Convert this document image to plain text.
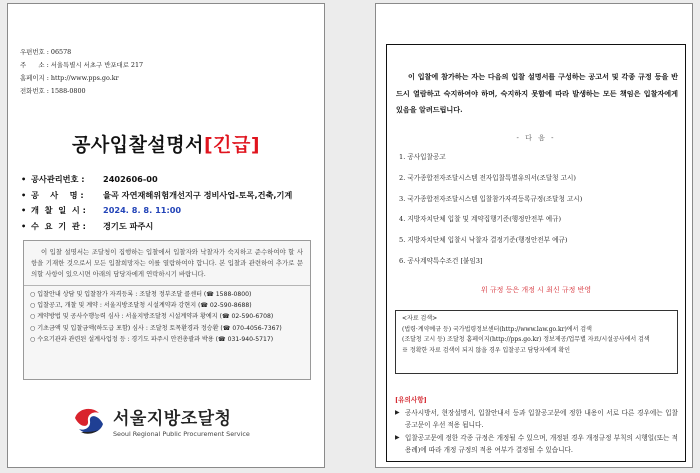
우편번호 : 06578
주      소 : 서울특별시 서초구 반포대로 217
홈페이지 : http://www.pps.go.kr
전화번호 : 1588-0800
공사입찰설명서[긴급]
• 공사관리번호 :	2402606-00
• 공    사    명 :	율곡 자연재해위험개선지구 정비사업-토목,건축,기계
• 개  찰  일  시 :	2024. 8. 8. 11:00
• 수  요  기  관 :	경기도 파주시
이 입찰 설명서는 조달청이 집행하는 입찰에서 입찰자와 낙찰자가 숙지하고 준수하여야 할 사항을 기재한 것으로서 모든 입찰희망자는 이를 열람하여야 합니다. 본 입찰과 관련하여 추가로 문의할 사항이 있으시면 아래의 담당자에게 연락하시기 바랍니다.
○ 입찰안내 상담 및 입찰참가 자격등록 : 조달청 정부조달 콜센터 (☎ 1588-0800)
○ 입찰공고, 개찰 및 계약 : 서울지방조달청 시설계약과 강현지 (☎ 02-590-8688)
○ 계약방법 및 공사수행능력 심사 : 서울지방조달청 시설계약과 황예지 (☎ 02-590-6708)
○ 기초금액 및 입찰금액(하도급 포함) 심사 : 조달청 토목환경과 정승환 (☎ 070-4056-7367)
○ 수요기관과 관련된 설계사업정 등 : 경기도 파주시 안전총괄과 박용 (☎ 031-940-5717)
서울지방조달청
Seoul Regional Public Procurement Service
이 입찰에 참가하는 자는 다음의 입찰 설명서를 구성하는 공고서 및 각종 규정 등을 반드시 열람하고 숙지하여야 하며, 숙지하지 못함에 따라 발생하는 모든 책임은 입찰자에게 있음을 알려드립니다.
- 다 음 -
1. 공사입찰공고
2. 국가종합전자조달시스템 전자입찰특별유의서(조달청 고시)
3. 국가종합전자조달시스템 입찰참가자격등록규정(조달청 고시)
4. 지방자치단체 입찰 및 계약집행기준(행정안전부 예규)
5. 지방자치단체 입찰시 낙찰자 결정기준(행정안전부 예규)
6. 공사계약특수조건 [붙임3]
위 규정 등은 개정 시 최신 규정 반영
<자료 검색>
(법령·계약예규 등) 국가법령정보센터(http://www.law.go.kr)에서 검색
(조달청 고시 등) 조달청 홈페이지(http://pps.go.kr) 정보제공/업무별 자료/시설공사에서 검색
※ 정확한 자료 검색이 되지 않을 경우 입찰공고 담당자에게 확인
[유의사항]
▶ 공사시방서, 현장설명서, 입찰안내서 등과 입찰공고문에 정한 내용이 서로 다른 경우에는 입찰공고문이 우선 적용 됩니다.
▶ 입찰공고문에 정한 각종 규정은 개정될 수 있으며, 개정된 경우 개정규정 부칙의 시행일(또는 적용례)에 따라 개정 규정의 적용 여부가 결정될 수 있습니다.
